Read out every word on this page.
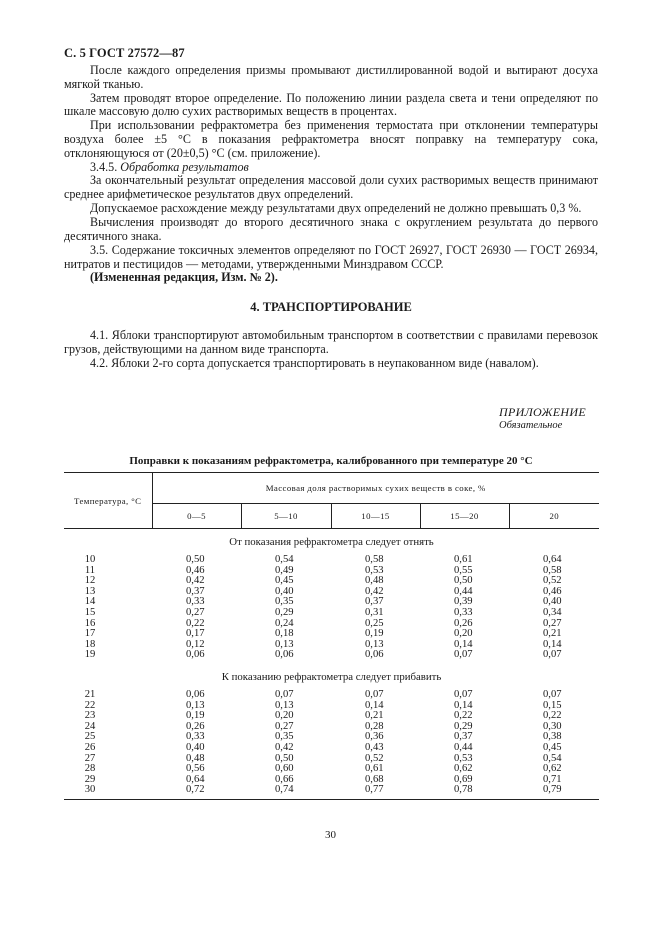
С. 5 ГОСТ 27572—87

После каждого определения призмы промывают дистиллированной водой и вытирают досуха мягкой тканью.

Затем проводят второе определение. По положению линии раздела света и тени определяют по шкале массовую долю сухих растворимых веществ в процентах.

При использовании рефрактометра без применения термостата при отклонении температуры воздуха более ±5 °С в показания рефрактометра вносят поправку на температуру сока, отклоняющуюся от (20±0,5) °С (см. приложение).

3.4.5. Обработка результатов

За окончательный результат определения массовой доли сухих растворимых веществ принимают среднее арифметическое результатов двух определений.

Допускаемое расхождение между результатами двух определений не должно превышать 0,3 %.

Вычисления производят до второго десятичного знака с округлением результата до первого десятичного знака.

3.5. Содержание токсичных элементов определяют по ГОСТ 26927, ГОСТ 26930 — ГОСТ 26934, нитратов и пестицидов — методами, утвержденными Минздравом СССР.

(Измененная редакция, Изм. № 2).

4. ТРАНСПОРТИРОВАНИЕ

4.1. Яблоки транспортируют автомобильным транспортом в соответствии с правилами перевозок грузов, действующими на данном виде транспорта.

4.2. Яблоки 2-го сорта допускается транспортировать в неупакованном виде (навалом).

ПРИЛОЖЕНИЕ
Обязательное
Поправки к показаниям рефрактометра, калиброванного при температуре 20 °С
Температура, °С	Массовая доля растворимых сухих веществ в соке, %				
	0—5	5—10	10—15	15—20	20
От показания рефрактометра следует отнять					
10	0,50	0,54	0,58	0,61	0,64
11	0,46	0,49	0,53	0,55	0,58
12	0,42	0,45	0,48	0,50	0,52
13	0,37	0,40	0,42	0,44	0,46
14	0,33	0,35	0,37	0,39	0,40
15	0,27	0,29	0,31	0,33	0,34
16	0,22	0,24	0,25	0,26	0,27
17	0,17	0,18	0,19	0,20	0,21
18	0,12	0,13	0,13	0,14	0,14
19	0,06	0,06	0,06	0,07	0,07

К показанию рефрактометра следует прибавить					
21	0,06	0,07	0,07	0,07	0,07
22	0,13	0,13	0,14	0,14	0,15
23	0,19	0,20	0,21	0,22	0,22
24	0,26	0,27	0,28	0,29	0,30
25	0,33	0,35	0,36	0,37	0,38
26	0,40	0,42	0,43	0,44	0,45
27	0,48	0,50	0,52	0,53	0,54
28	0,56	0,60	0,61	0,62	0,62
29	0,64	0,66	0,68	0,69	0,71
30	0,72	0,74	0,77	0,78	0,79

30
